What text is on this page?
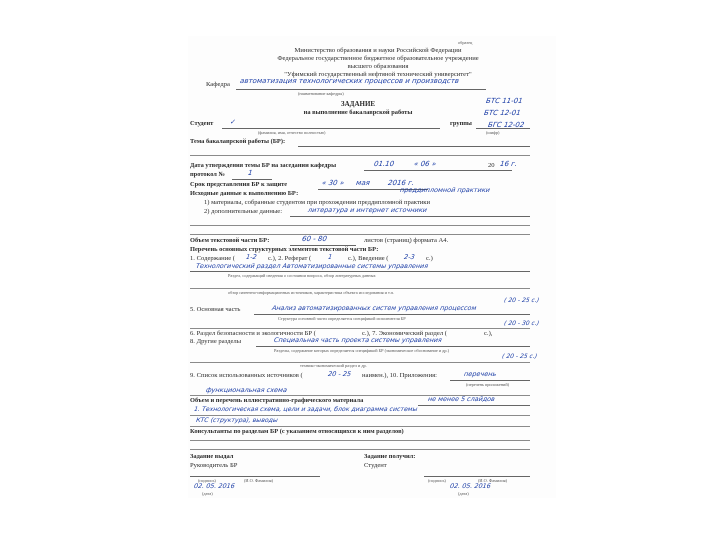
образец
Министерство образования и науки Российской Федерации
Федеральное государственное бюджетное образовательное учреждение
высшего образования
"Уфимский государственный нефтяной технический университет"
Кафедра автоматизация технологических процессов и производств
(наименование кафедры)
БТС 11-01
БТС 12-01
БГС 12-02
ЗАДАНИЕ
на выполнение бакалаврской работы
Студент ✓	группы
(фамилия, имя, отчество полностью)	(шифр)
Тема бакалаврской работы (БР):
Дата утверждения темы БР на заседании кафедры	01.10	« 06 »	20 16 г.
протокол №	1
Срок представления БР к защите	« 30 » мая 2016 г.
Исходные данные к выполнению БР:	преддипломной практики
1) материалы, собранные студентом при прохождении преддипломной практики
2) дополнительные данные:	литература и интернет источники
Объем текстовой части БР:	60 - 80	листов (страниц) формата А4.
Перечень основных структурных элементов текстовой части БР:
1. Содержание ( 1-2 с.), 2. Реферат ( 1 с.), Введение ( 2-3 с.)
Технологический раздел Автоматизированные системы управления
Раздел, содержащий сведения о состоянии вопроса, обзор литературных данных
обзор патентно-информационных источников, характеристика объекта исследования и т.п.
( 20 - 25 с.)
5. Основная часть	Анализ автоматизированных систем управления процессом
Структура основной части определяется спецификой исполнителя БР
( 20 - 30 с.)
6. Раздел безопасности и экологичности БР (	с.), 7. Экономический раздел (	с.),
8. Другие разделы	Специальная часть проекта системы управления
Разделы, содержание которых определяется спецификой БР (экономическое обоснование и др.)
( 20 - 25 с.)
технико-экономический раздел и др.
9. Список использованных источников (	20 - 25 наимен.), 10. Приложения:	перечень
(перечень приложений)
функциональная схема
Объем и перечень иллюстративно-графического материала	не менее 5 слайдов
1. Технологическая схема, цели и задачи, блок диаграмма системы
КТС (структура), выводы
Консультанты по разделам БР (с указанием относящихся к ним разделов)
Задание выдал	Задание получил:
Руководитель БР	Студент
(подпись)	(И.О. Фамилия)	(подпись)	(И.О. Фамилия)
02. 05. 2016	02. 05. 2016
(дата)	(дата)
